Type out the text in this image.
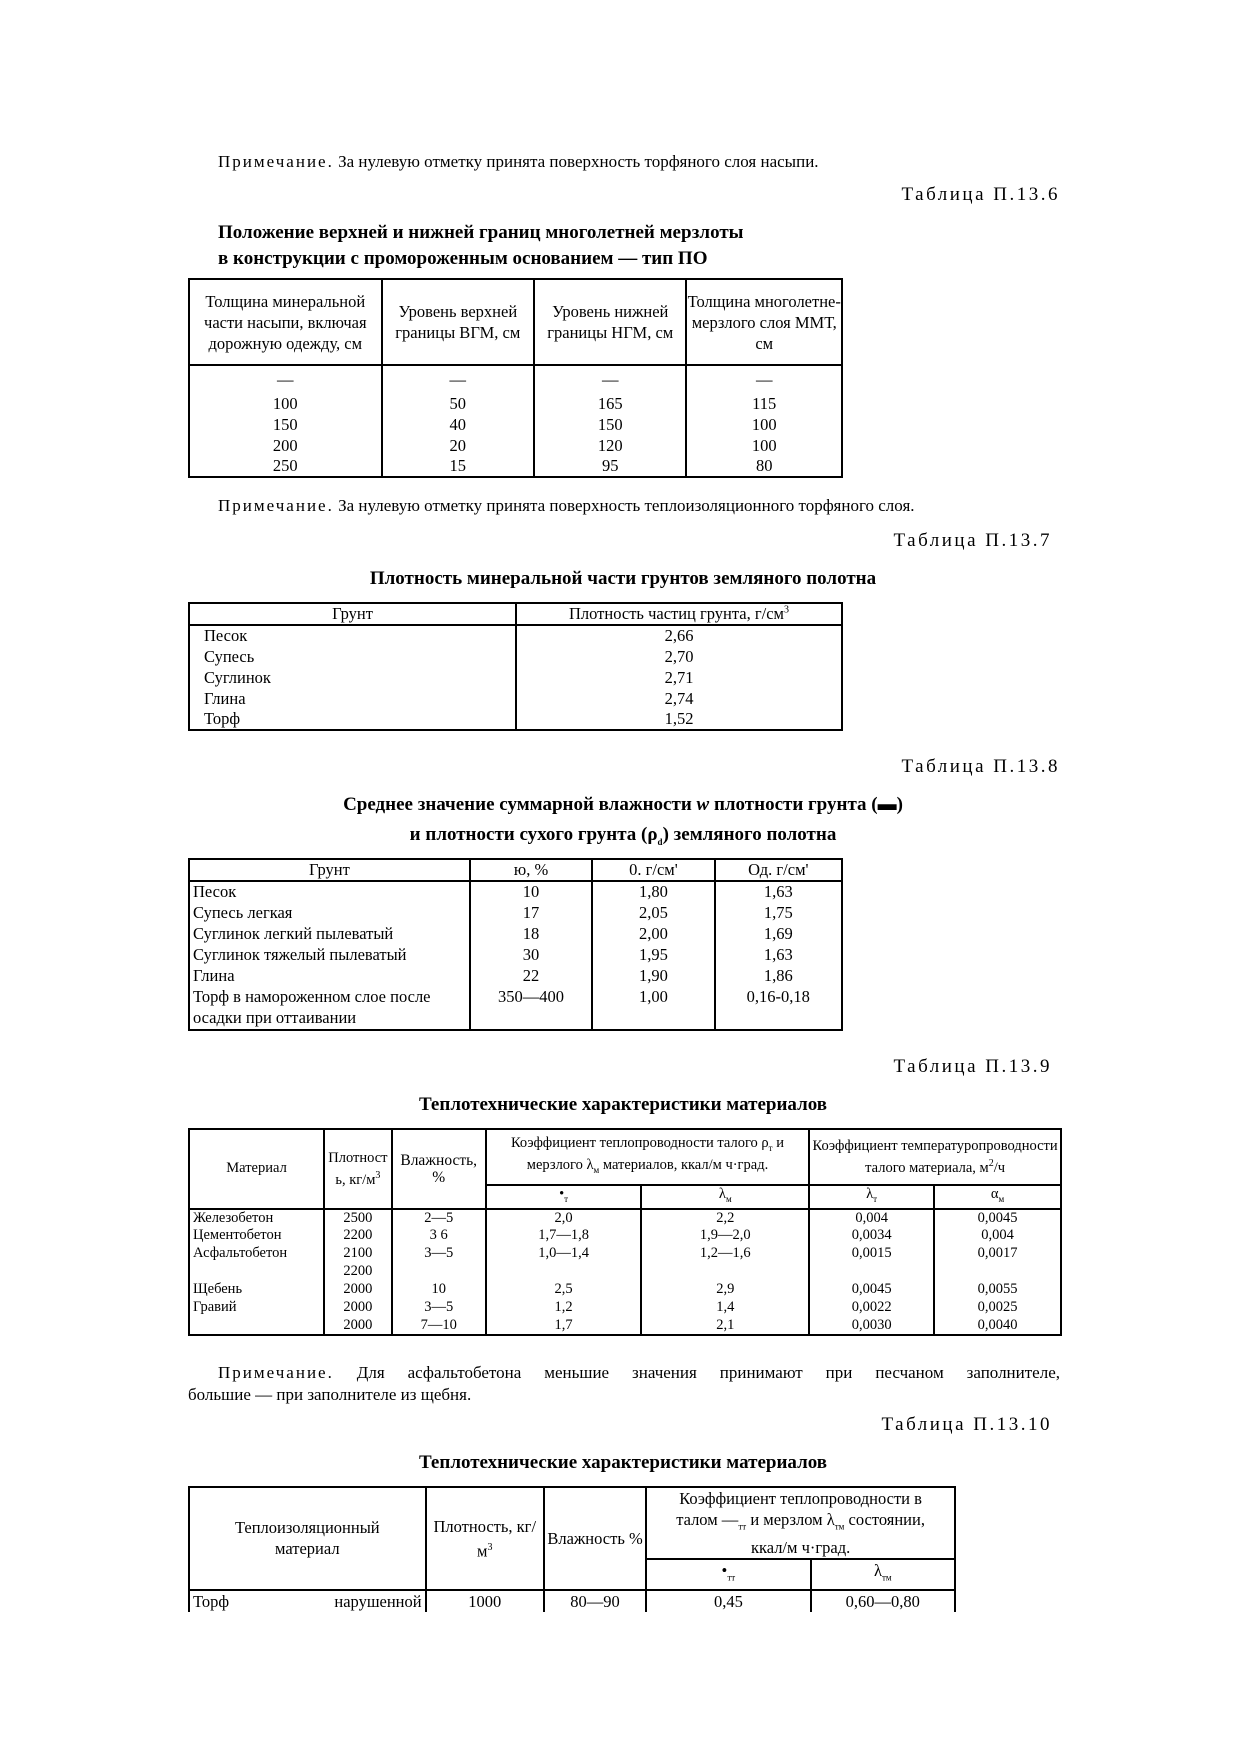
Примечание. За нулевую отметку принята поверхность торфяного слоя насыпи.
Таблица П.13.6
Положение верхней и нижней границ многолетней мерзлоты
в конструкции с промороженным основанием — тип ПО
Толщина минеральной части насыпи, включая дорожную одежду, см	Уровень верхней границы ВГМ, см	Уровень нижней границы НГМ, см	Толщина многолетне-мерзлого слоя ММТ, см
—	—	—	—
100	50	165	115
150	40	150	100
200	20	120	100
250	15	95	80
Примечание. За нулевую отметку принята поверхность теплоизоляционного торфяного слоя.
Таблица П.13.7
Плотность минеральной части грунтов земляного полотна
Грунт	Плотность частиц грунта, $г/см^3$
Песок	2,66
Супесь	2,70
Суглинок	2,71
Глина	2,74
Торф	1,52
Таблица П.13.8
Среднее значение суммарной влажности w плотности грунта (▬)
и плотности сухого грунта $(\rho_d)$ земляного полотна
Грунт	ю, %	0. г/см'	Од. г/см'
Песок	10	1,80	1,63
Супесь легкая	17	2,05	1,75
Суглинок легкий пылеватый	18	2,00	1,69
Суглинок тяжелый пылеватый	30	1,95	1,63
Глина	22	1,90	1,86
Торф в намороженном слое после осадки при оттаивании	350—400	1,00	0,16-0,18
Таблица П.13.9
Теплотехнические характеристики материалов
Материал	Плотност ь, $кг/м^3$	Влажность, %	Коэффициент теплопроводности талого $\rho_т$ и мерзлого $\lambda_м$ материалов, ккал/м ч·град.		Коэффициент температуропроводности талого материала, $м^2/ч$	
			$•_т$	$\lambda_м$	$\lambda_т$	$\alpha_м$
Железобетон	2500	2—5	2,0	2,2	0,004	0,0045
Цементобетон	2200	3 6	1,7—1,8	1,9—2,0	0,0034	0,004
Асфальтобетон	2100	3—5	1,0—1,4	1,2—1,6	0,0015	0,0017
	2200					
Щебень	2000	10	2,5	2,9	0,0045	0,0055
Гравий	2000	3—5	1,2	1,4	0,0022	0,0025
	2000	7—10	1,7	2,1	0,0030	0,0040
Примечание. Для асфальтобетона меньшие значения принимают при песчаном заполнителе,
большие — при заполнителе из щебня.
Таблица П.13.10
Теплотехнические характеристики материалов
Теплоизоляционный материал	Плотность, $кг/м^3$	Влажность %	Коэффициент теплопроводности в талом $—_{тт}$ и мерзлом $\lambda_{тм}$ состоянии, ккал/м ч·град.	
			$•_{тт}$	$\lambda_{тм}$

Торф нарушенной	1000	80—90	0,45	0,60—0,80
